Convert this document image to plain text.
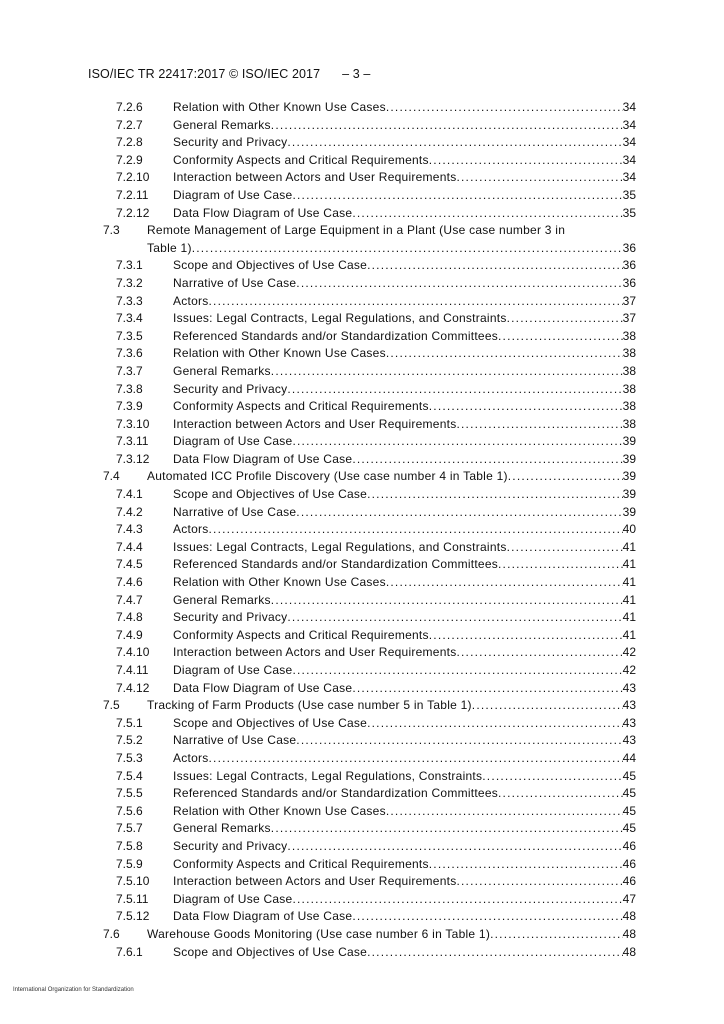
ISO/IEC TR 22417:2017 © ISO/IEC 2017 – 3 –
7.2.6	Relation with Other Known Use Cases .....	34
7.2.7	General Remarks .....	34
7.2.8	Security and Privacy .....	34
7.2.9	Conformity Aspects and Critical Requirements .....	34
7.2.10 Interaction between Actors and User Requirements .....	34
7.2.11 Diagram of Use Case .....	35
7.2.12 Data Flow Diagram of Use Case .....	35
7.3 Remote Management of Large Equipment in a Plant (Use case number 3 in
Table 1) .....	36
7.3.1	Scope and Objectives of Use Case .....	36
7.3.2	Narrative of Use Case .....	36
7.3.3	Actors .....	37
7.3.4	Issues: Legal Contracts, Legal Regulations, and Constraints .....	37
7.3.5	Referenced Standards and/or Standardization Committees .....	38
7.3.6	Relation with Other Known Use Cases .....	38
7.3.7	General Remarks .....	38
7.3.8	Security and Privacy .....	38
7.3.9	Conformity Aspects and Critical Requirements .....	38
7.3.10 Interaction between Actors and User Requirements .....	38
7.3.11 Diagram of Use Case .....	39
7.3.12 Data Flow Diagram of Use Case .....	39
7.4 Automated ICC Profile Discovery (Use case number 4 in Table 1) .....	39
7.4.1	Scope and Objectives of Use Case .....	39
7.4.2	Narrative of Use Case .....	39
7.4.3	Actors .....	40
7.4.4	Issues: Legal Contracts, Legal Regulations, and Constraints .....	41
7.4.5	Referenced Standards and/or Standardization Committees .....	41
7.4.6	Relation with Other Known Use Cases .....	41
7.4.7	General Remarks .....	41
7.4.8	Security and Privacy .....	41
7.4.9	Conformity Aspects and Critical Requirements .....	41
7.4.10 Interaction between Actors and User Requirements .....	42
7.4.11 Diagram of Use Case .....	42
7.4.12 Data Flow Diagram of Use Case .....	43
7.5 Tracking of Farm Products (Use case number 5 in Table 1) .....	43
7.5.1	Scope and Objectives of Use Case .....	43
7.5.2	Narrative of Use Case .....	43
7.5.3	Actors .....	44
7.5.4	Issues: Legal Contracts, Legal Regulations, Constraints .....	45
7.5.5	Referenced Standards and/or Standardization Committees .....	45
7.5.6	Relation with Other Known Use Cases .....	45
7.5.7	General Remarks .....	45
7.5.8	Security and Privacy .....	46
7.5.9	Conformity Aspects and Critical Requirements .....	46
7.5.10 Interaction between Actors and User Requirements .....	46
7.5.11 Diagram of Use Case .....	47
7.5.12 Data Flow Diagram of Use Case .....	48
7.6 Warehouse Goods Monitoring (Use case number 6 in Table 1) .....	48
7.6.1	Scope and Objectives of Use Case .....	48
International Organization for Standardization
